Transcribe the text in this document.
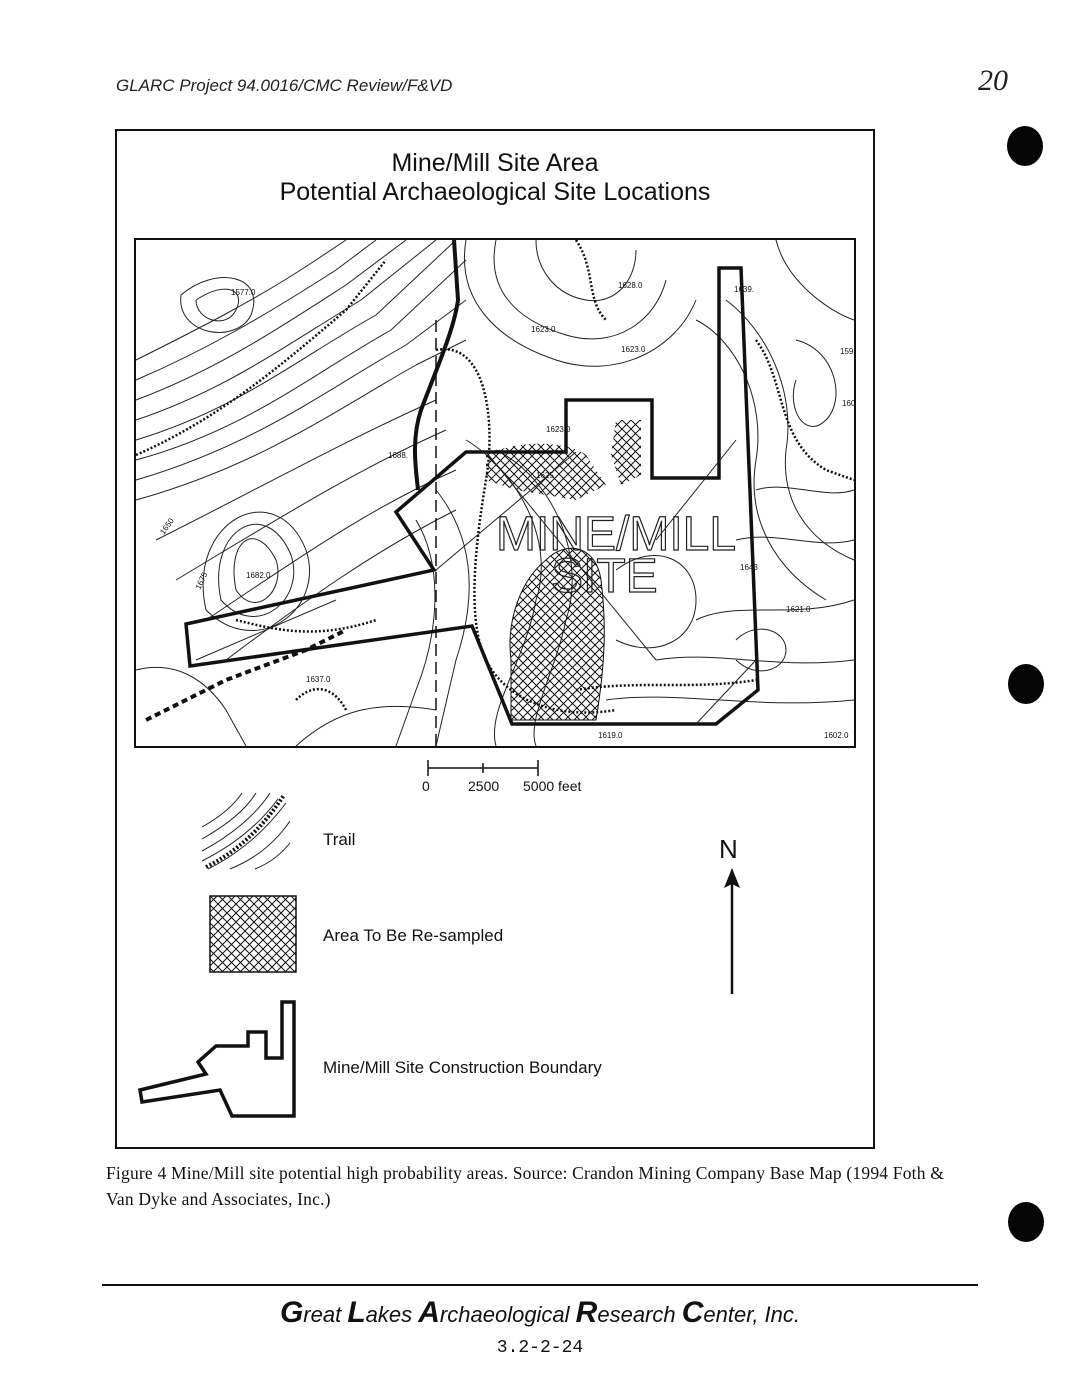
GLARC Project 94.0016/CMC Review/F&VD	20
Mine/Mill Site Area
Potential Archaeological Site Locations
MINE/MILL
SITE
1577.0
1628.0	1639.
1623.0
1623.0
1623.0
1688.
1625
1650
1675	1682.0
1637.0
1621.0
1619.0	1602.0
159
160
1643
0	2500 5000 feet
Trail
Area To Be Re-sampled
Mine/Mill Site Construction Boundary
N
Figure 4 Mine/Mill site potential high probability areas. Source: Crandon Mining Company Base Map (1994 Foth & Van Dyke and Associates, Inc.)
Great Lakes Archaeological Research Center, Inc.
3.2-2-24
